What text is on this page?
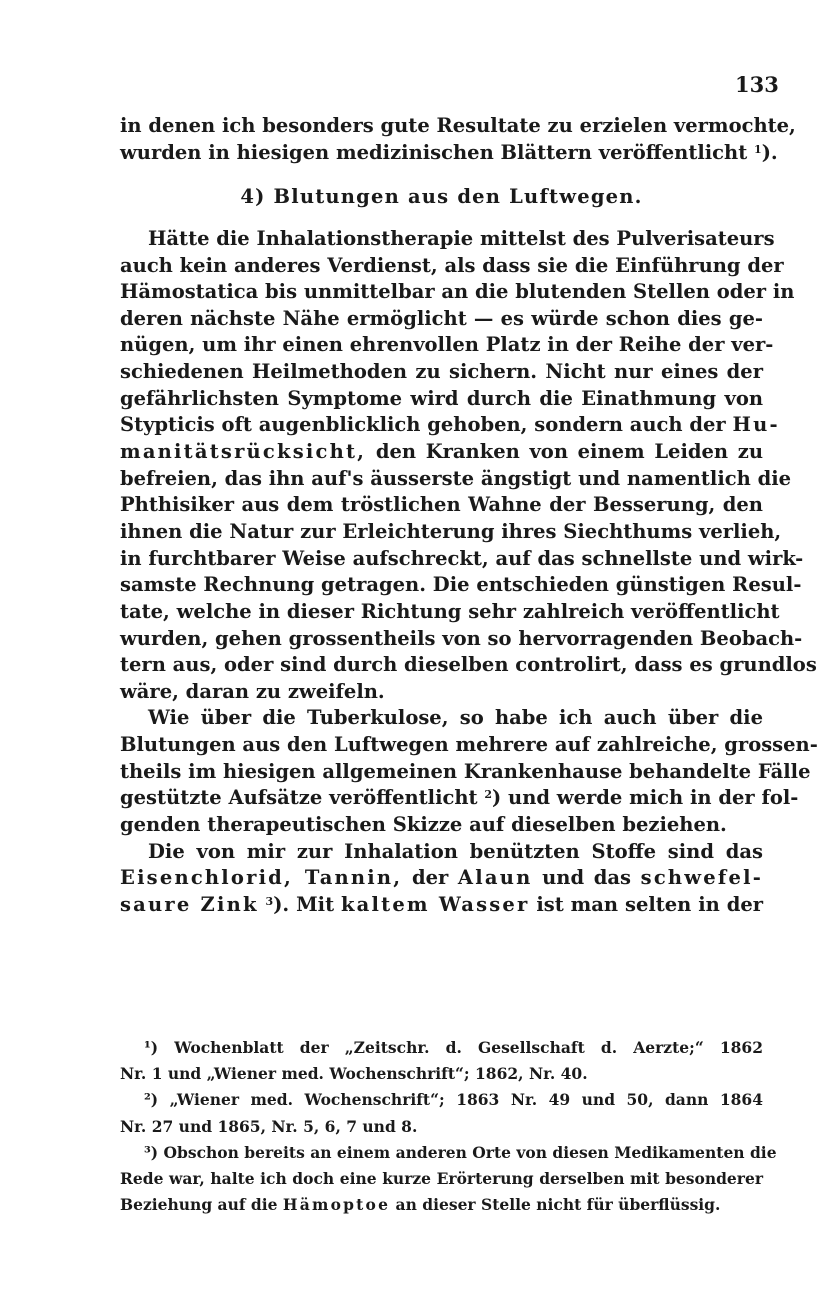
133
in denen ich besonders gute Resultate zu erzielen vermochte,
wurden in hiesigen medizinischen Blättern veröffentlicht $^1$).
4) Blutungen aus den Luftwegen.
Hätte die Inhalationstherapie mittelst des Pulverisateurs
auch kein anderes Verdienst, als dass sie die Einführung der
Hämostatica bis unmittelbar an die blutenden Stellen oder in
deren nächste Nähe ermöglicht — es würde schon dies ge-
nügen, um ihr einen ehrenvollen Platz in der Reihe der ver-
schiedenen Heilmethoden zu sichern. Nicht nur eines der
gefährlichsten Symptome wird durch die Einathmung von
Stypticis oft augenblicklich gehoben, sondern auch der Hu-
manitätsrücksicht, den Kranken von einem Leiden zu
befreien, das ihn auf's äusserste ängstigt und namentlich die
Phthisiker aus dem tröstlichen Wahne der Besserung, den
ihnen die Natur zur Erleichterung ihres Siechthums verlieh,
in furchtbarer Weise aufschreckt, auf das schnellste und wirk-
samste Rechnung getragen. Die entschieden günstigen Resul-
tate, welche in dieser Richtung sehr zahlreich veröffentlicht
wurden, gehen grossentheils von so hervorragenden Beobach-
tern aus, oder sind durch dieselben controlirt, dass es grundlos
wäre, daran zu zweifeln.
Wie über die Tuberkulose, so habe ich auch über die
Blutungen aus den Luftwegen mehrere auf zahlreiche, grossen-
theils im hiesigen allgemeinen Krankenhause behandelte Fälle
gestützte Aufsätze veröffentlicht $^2$) und werde mich in der fol-
genden therapeutischen Skizze auf dieselben beziehen.
Die von mir zur Inhalation benützten Stoffe sind das
Eisenchlorid, Tannin, der Alaun und das schwefel-
saure Zink $^3$). Mit kaltem Wasser ist man selten in der
¹) Wochenblatt der „Zeitschr. d. Gesellschaft d. Aerzte;“ 1862
Nr. 1 und „Wiener med. Wochenschrift“; 1862, Nr. 40.
²) „Wiener med. Wochenschrift“; 1863 Nr. 49 und 50, dann 1864
Nr. 27 und 1865, Nr. 5, 6, 7 und 8.
³) Obschon bereits an einem anderen Orte von diesen Medikamenten die
Rede war, halte ich doch eine kurze Erörterung derselben mit besonderer
Beziehung auf die Hämoptoe an dieser Stelle nicht für überflüssig.
